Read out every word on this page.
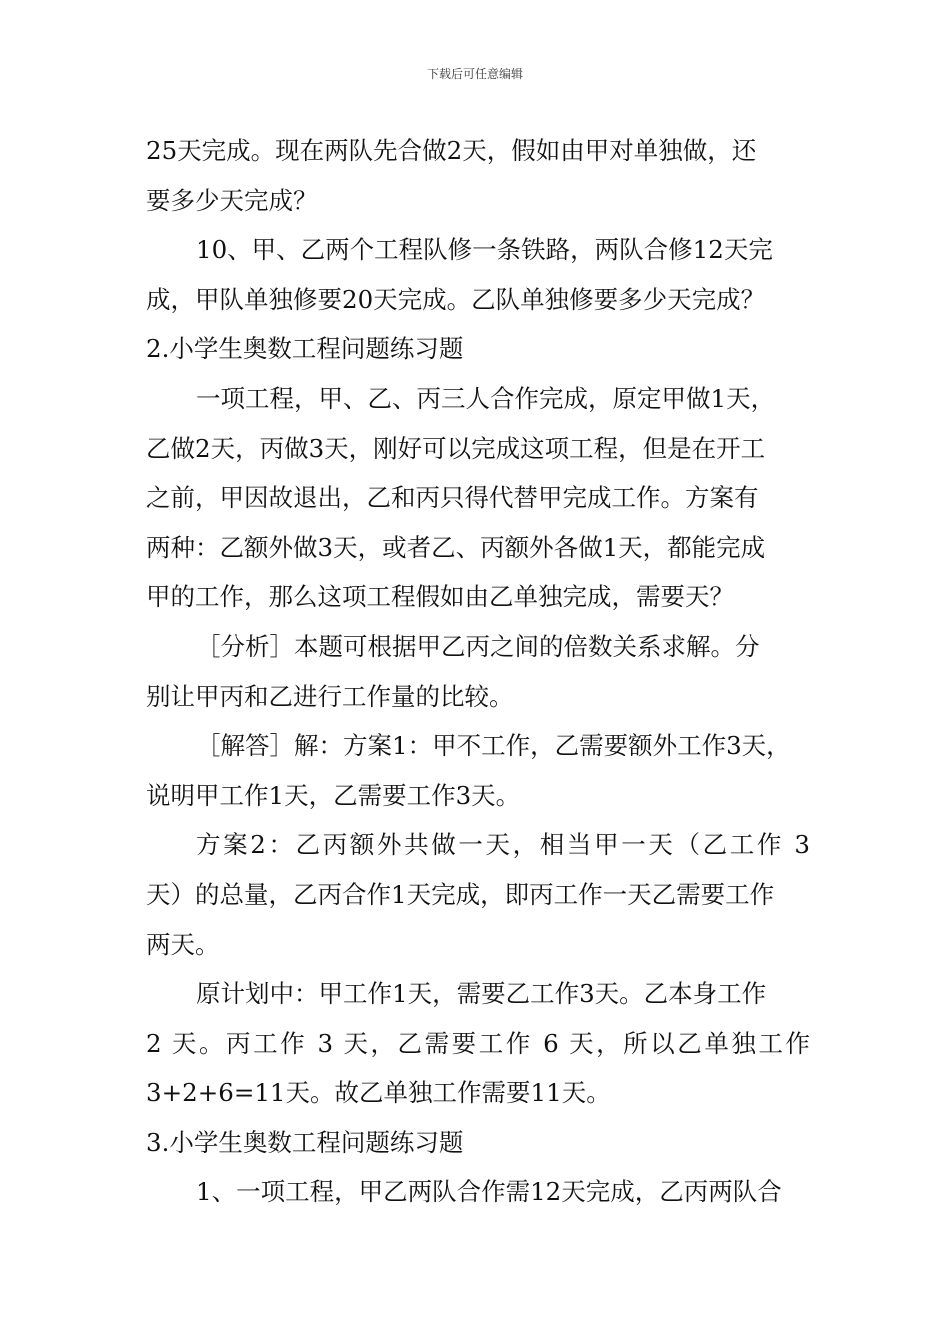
下载后可任意编辑
25天完成。现在两队先合做2天，假如由甲对单独做，还
要多少天完成？
10、甲、乙两个工程队修一条铁路，两队合修12天完
成，甲队单独修要20天完成。乙队单独修要多少天完成？
2.小学生奥数工程问题练习题
一项工程，甲、乙、丙三人合作完成，原定甲做1天，
乙做2天，丙做3天，刚好可以完成这项工程，但是在开工
之前，甲因故退出，乙和丙只得代替甲完成工作。方案有
两种：乙额外做3天，或者乙、丙额外各做1天，都能完成
甲的工作，那么这项工程假如由乙单独完成，需要天？
［分析］本题可根据甲乙丙之间的倍数关系求解。分
别让甲丙和乙进行工作量的比较。
［解答］解：方案1：甲不工作，乙需要额外工作3天，
说明甲工作1天，乙需要工作3天。
方案2：乙丙额外共做一天，相当甲一天（乙工作 3
天）的总量，乙丙合作1天完成，即丙工作一天乙需要工作
两天。
原计划中：甲工作1天，需要乙工作3天。乙本身工作
2 天。丙工作 3 天，乙需要工作 6 天，所以乙单独工作
3+2+6=11天。故乙单独工作需要11天。
3.小学生奥数工程问题练习题
1、一项工程，甲乙两队合作需12天完成，乙丙两队合
